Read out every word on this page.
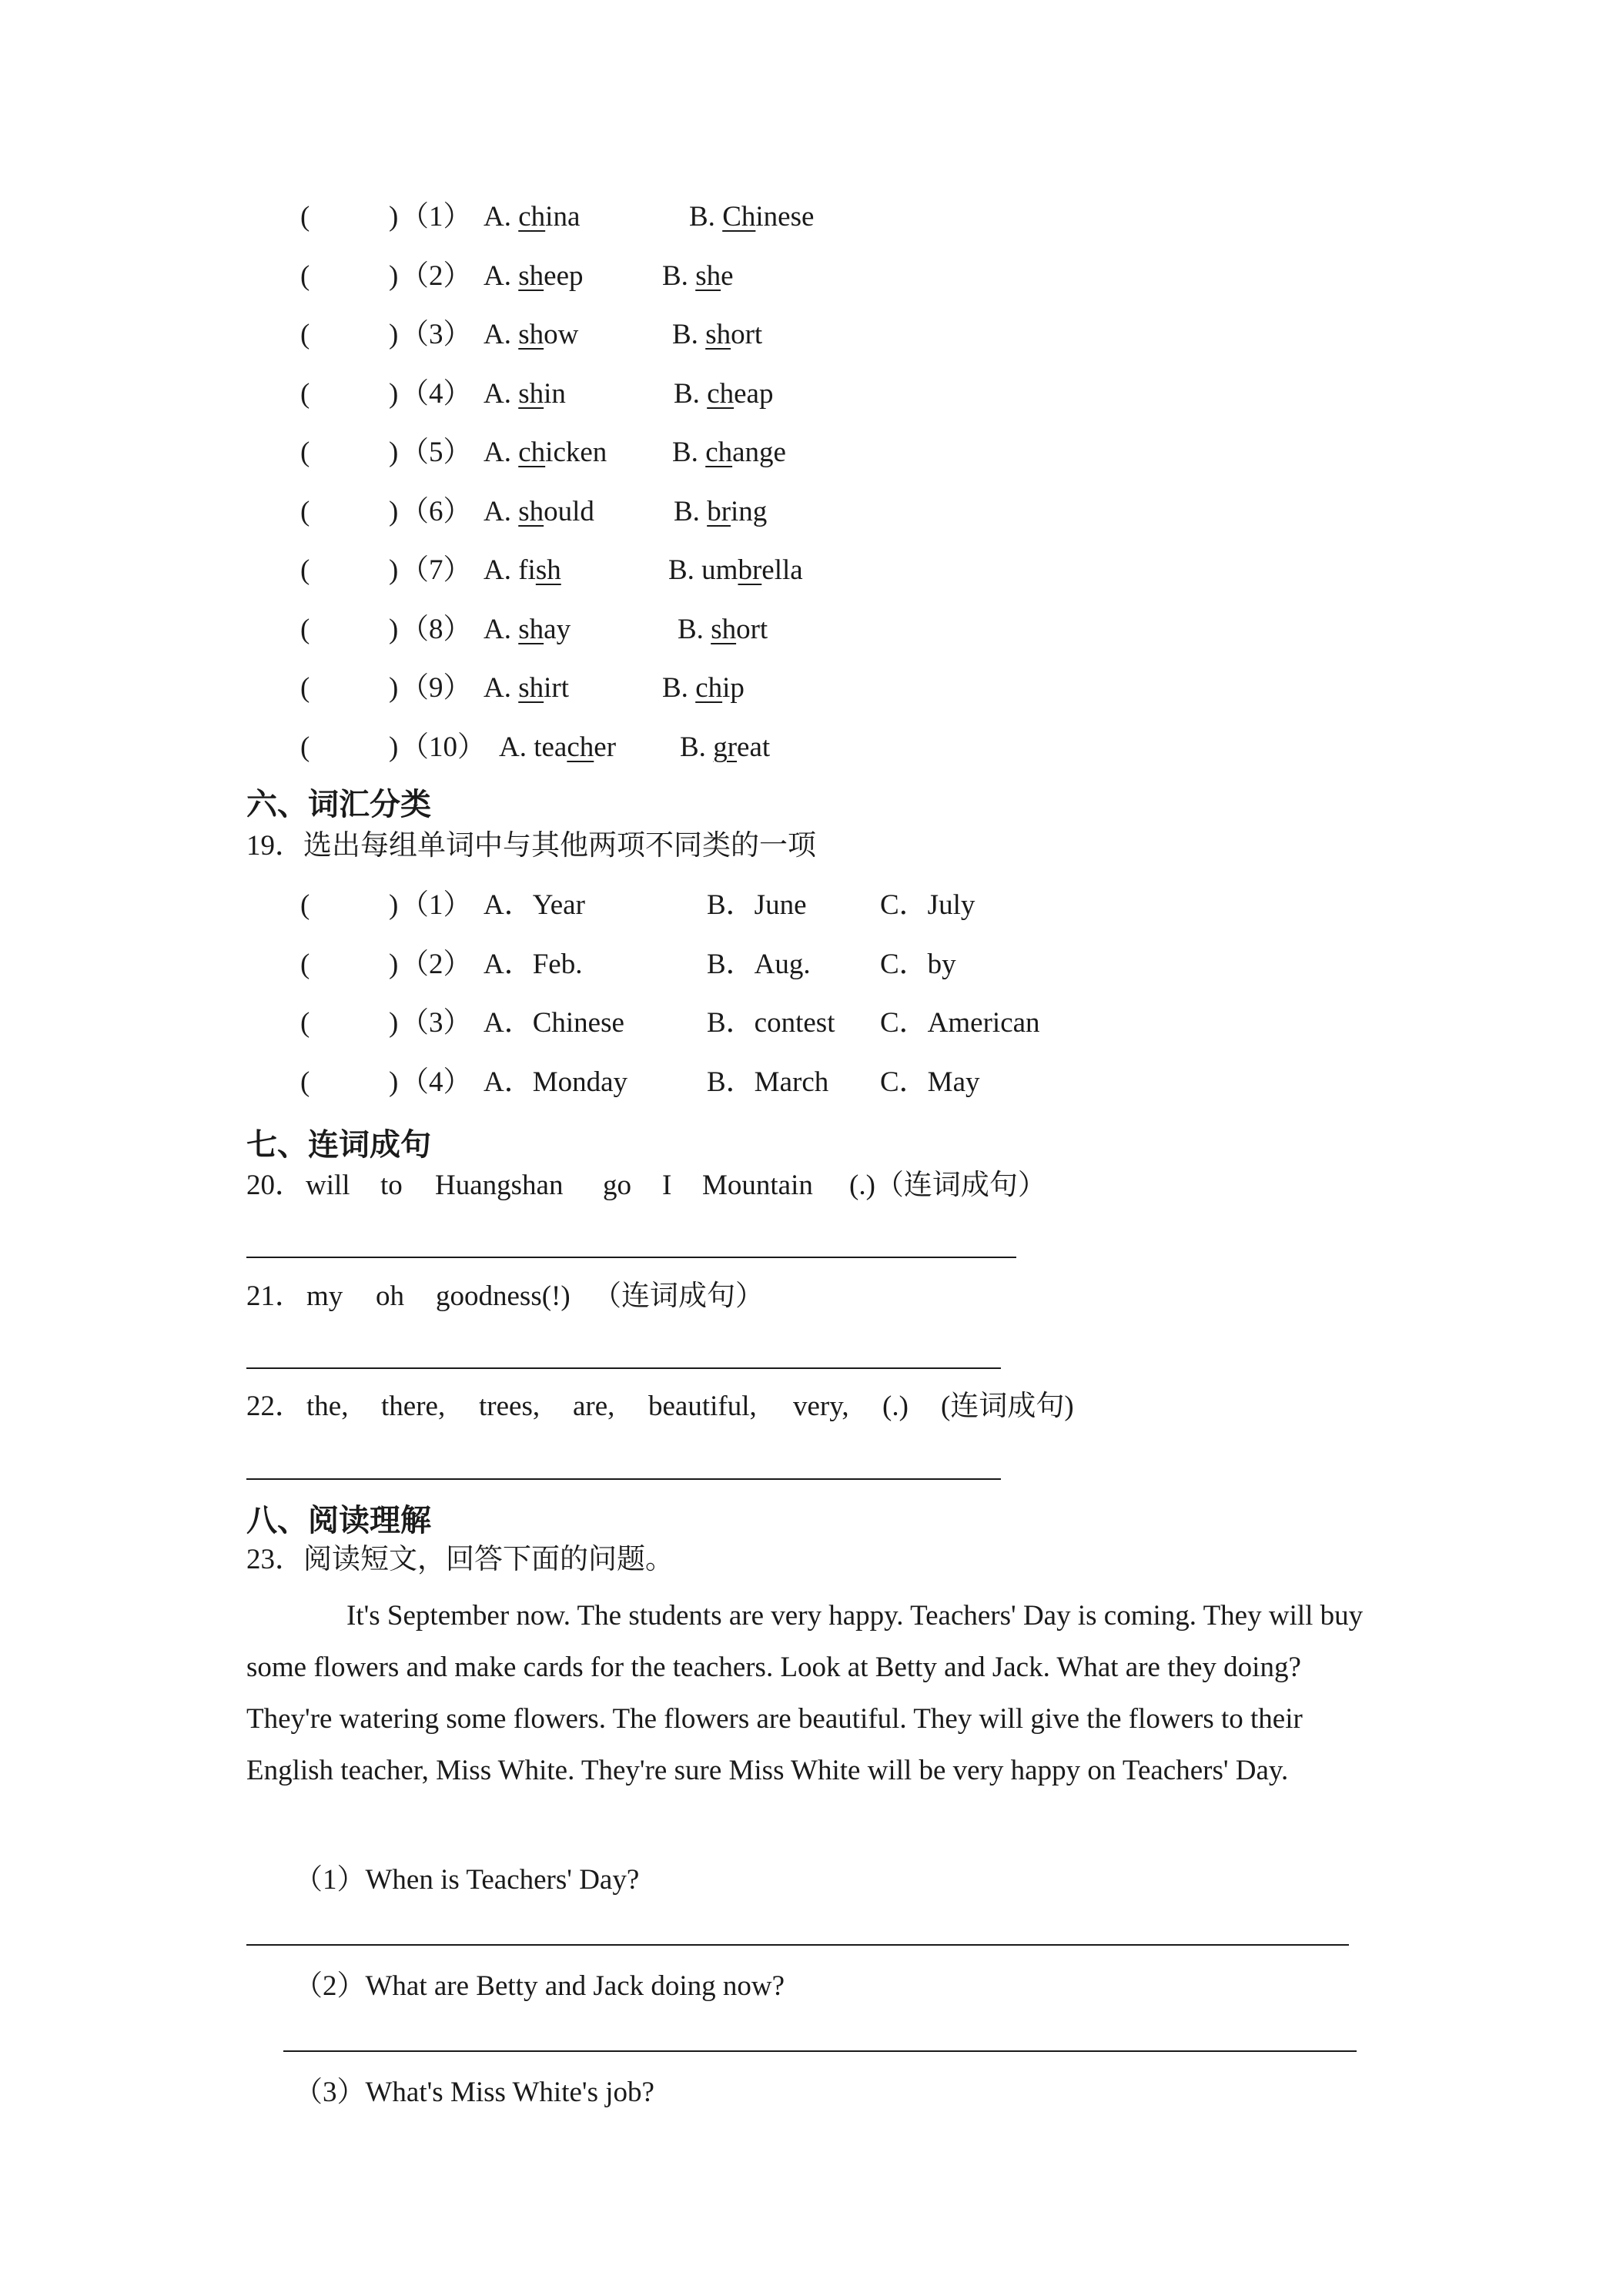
(	) （1） A. china	B. Chinese
(	) （2） A. sheep	B. she
(	) （3） A. show	B. short
(	) （4） A. shin	B. cheap
(	) （5） A. chicken B. change
(	) （6） A. should	B. bring
(	) （7） A. fish	B. umbrella
(	) （8） A. shay	B. short
(	) （9） A. shirt	B. chip
(	) （10） A. teacher B. great
六、词汇分类
19．选出每组单词中与其他两项不同类的一项
(	) （1） A．Year	B．June	C．July
(	) （2） A．Feb.	B．Aug. C．by
(	) （3） A．Chinese	B．contest C．American
(	) （4） A．Monday	B．March C．May
七、连词成句
20． will to Huangshan go I Mountain (.)（连词成句）
21． my oh goodness(!) （连词成句）
22． the, there, trees, are, beautiful, very, (.) (连词成句)
八、阅读理解
23．阅读短文，回答下面的问题。
It's September now. The students are very happy. Teachers' Day is coming. They will buy some flowers and make cards for the teachers. Look at Betty and Jack. What are they doing? They're watering some flowers. The flowers are beautiful. They will give the flowers to their English teacher, Miss White. They're sure Miss White will be very happy on Teachers' Day.
（1）When is Teachers' Day?
（2）What are Betty and Jack doing now?
（3）What's Miss White's job?
